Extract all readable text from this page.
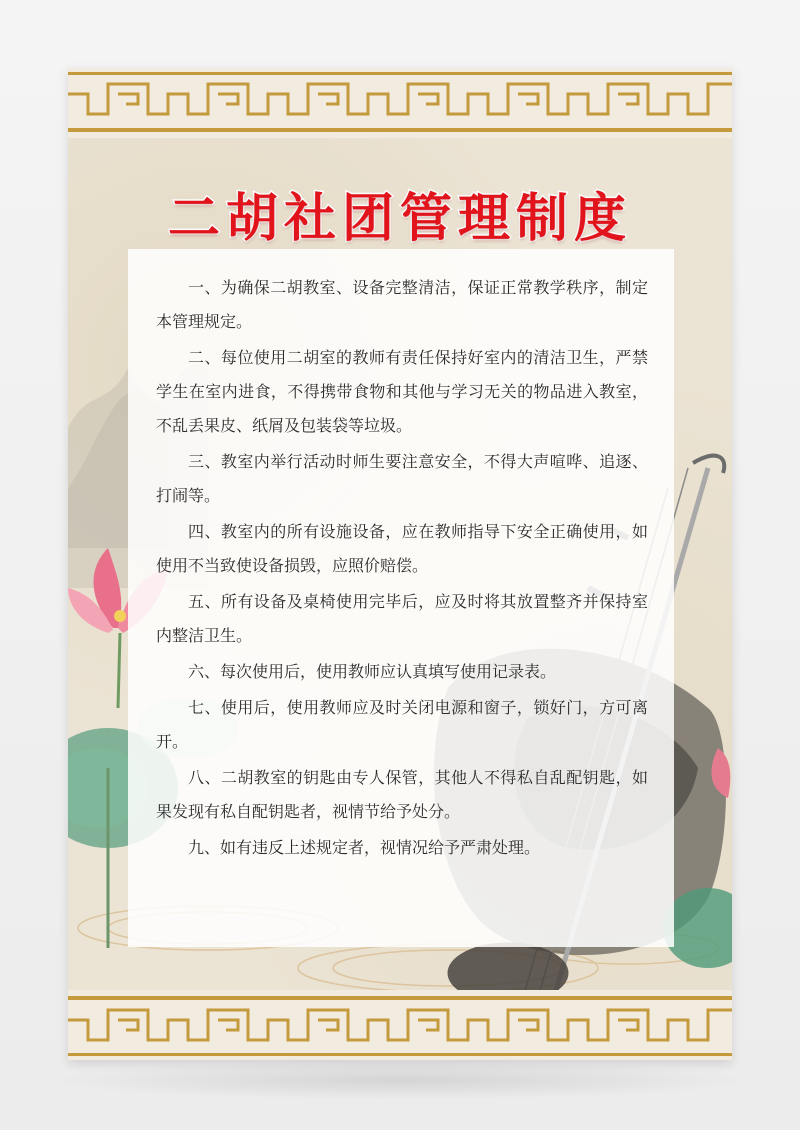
二胡社团管理制度

一、为确保二胡教室、设备完整清洁，保证正常教学秩序，制定本管理规定。

二、每位使用二胡室的教师有责任保持好室内的清洁卫生，严禁学生在室内进食，不得携带食物和其他与学习无关的物品进入教室，不乱丢果皮、纸屑及包装袋等垃圾。

三、教室内举行活动时师生要注意安全，不得大声喧哗、追逐、打闹等。

四、教室内的所有设施设备，应在教师指导下安全正确使用，如使用不当致使设备损毁，应照价赔偿。

五、所有设备及桌椅使用完毕后，应及时将其放置整齐并保持室内整洁卫生。

六、每次使用后，使用教师应认真填写使用记录表。

七、使用后，使用教师应及时关闭电源和窗子，锁好门，方可离开。

八、二胡教室的钥匙由专人保管，其他人不得私自乱配钥匙，如果发现有私自配钥匙者，视情节给予处分。

九、如有违反上述规定者，视情况给予严肃处理。
